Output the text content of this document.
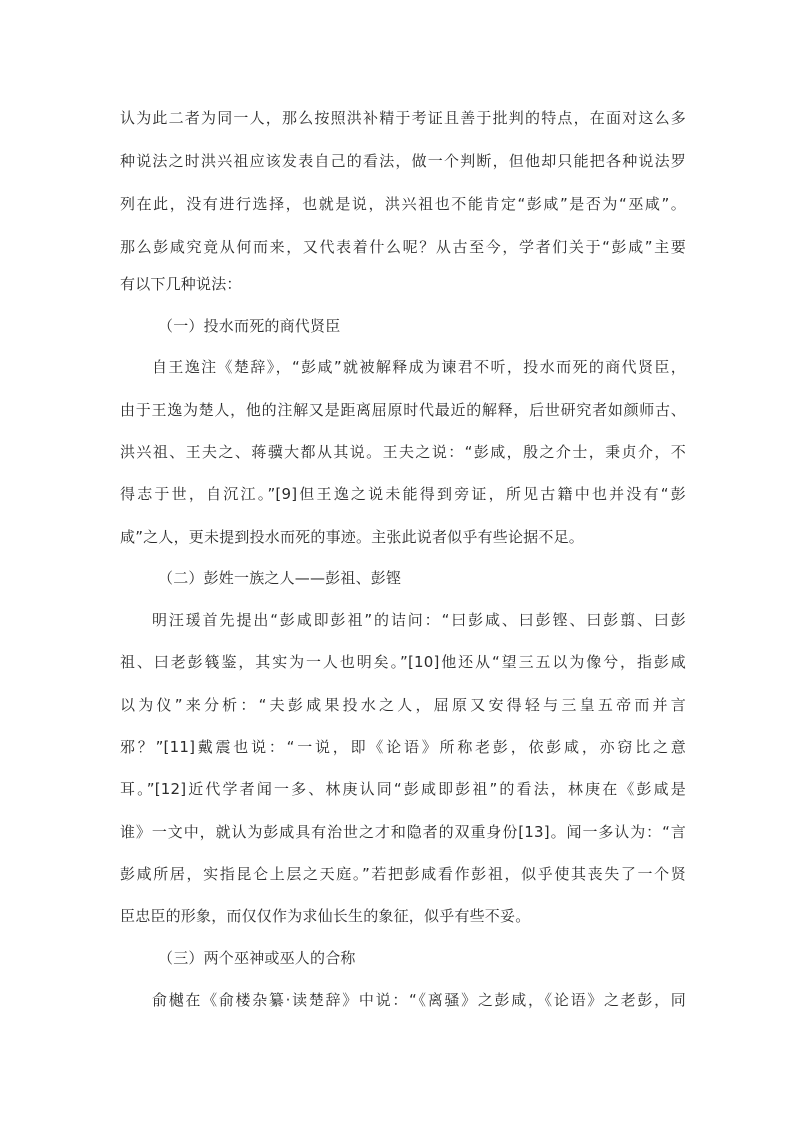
认为此二者为同一人，那么按照洪补精于考证且善于批判的特点，在面对这么多
种说法之时洪兴祖应该发表自己的看法，做一个判断，但他却只能把各种说法罗
列在此，没有进行选择，也就是说，洪兴祖也不能肯定“彭咸”是否为“巫咸”。
那么彭咸究竟从何而来，又代表着什么呢？从古至今，学者们关于“彭咸”主要
有以下几种说法：
（一）投水而死的商代贤臣
自王逸注《楚辞》，“彭咸”就被解释成为谏君不听，投水而死的商代贤臣，
由于王逸为楚人，他的注解又是距离屈原时代最近的解释，后世研究者如颜师古、
洪兴祖、王夫之、蒋骥大都从其说。王夫之说：“彭咸，殷之介士，秉贞介，不
得志于世，自沉江。”[9]但王逸之说未能得到旁证，所见古籍中也并没有“彭
咸”之人，更未提到投水而死的事迹。主张此说者似乎有些论据不足。
（二）彭姓一族之人——彭祖、彭铿
明汪瑗首先提出“彭咸即彭祖”的诘问：“曰彭咸、曰彭铿、曰彭翦、曰彭
祖、曰老彭篯鉴，其实为一人也明矣。”[10]他还从“望三五以为像兮，指彭咸
以为仪”来分析：“夫彭咸果投水之人，屈原又安得轻与三皇五帝而并言
邪？”[11]戴震也说：“一说，即《论语》所称老彭，依彭咸，亦窃比之意
耳。”[12]近代学者闻一多、林庚认同“彭咸即彭祖”的看法，林庚在《彭咸是
谁》一文中，就认为彭咸具有治世之才和隐者的双重身份[13]。闻一多认为：“言
彭咸所居，实指昆仑上层之天庭。”若把彭咸看作彭祖，似乎使其丧失了一个贤
臣忠臣的形象，而仅仅作为求仙长生的象征，似乎有些不妥。
（三）两个巫神或巫人的合称
俞樾在《俞楼杂纂·读楚辞》中说：“《离骚》之彭咸，《论语》之老彭，同
